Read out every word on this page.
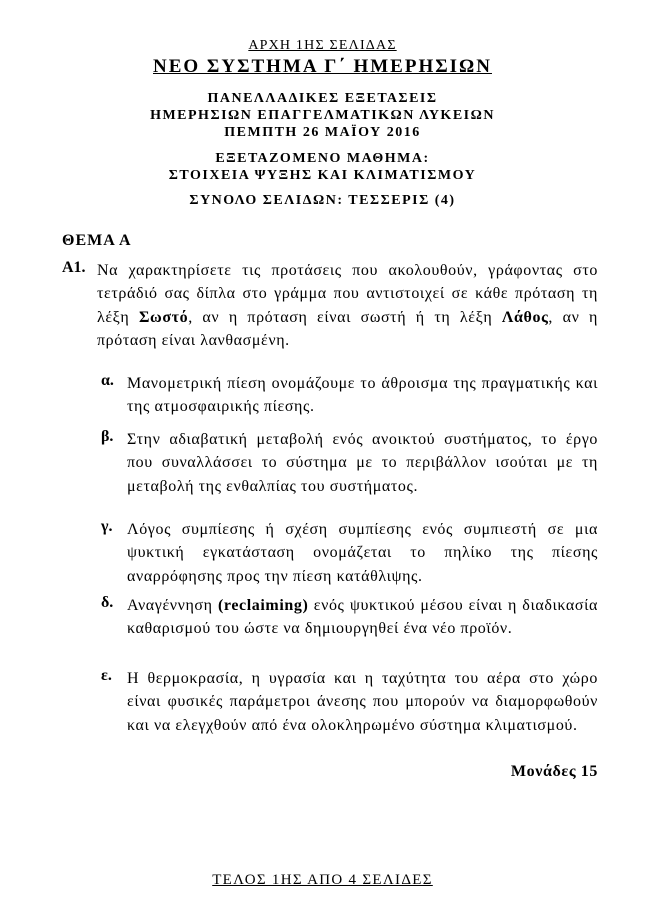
ΑΡΧΗ 1ΗΣ ΣΕΛΙΔΑΣ
ΝΕΟ ΣΥΣΤΗΜΑ Γ΄ ΗΜΕΡΗΣΙΩΝ
ΠΑΝΕΛΛΑΔΙΚΕΣ ΕΞΕΤΑΣΕΙΣ
ΗΜΕΡΗΣΙΩΝ ΕΠΑΓΓΕΛΜΑΤΙΚΩΝ ΛΥΚΕΙΩΝ
ΠΕΜΠΤΗ 26 ΜΑΪΟΥ 2016
ΕΞΕΤΑΖΟΜΕΝΟ ΜΑΘΗΜΑ:
ΣΤΟΙΧΕΙΑ ΨΥΞΗΣ ΚΑΙ ΚΛΙΜΑΤΙΣΜΟΥ
ΣΥΝΟΛΟ ΣΕΛΙΔΩΝ: ΤΕΣΣΕΡΙΣ (4)
ΘΕΜΑ Α
Α1. Να χαρακτηρίσετε τις προτάσεις που ακολουθούν, γράφοντας στο τετράδιό σας δίπλα στο γράμμα που αντιστοιχεί σε κάθε πρόταση τη λέξη Σωστό, αν η πρόταση είναι σωστή ή τη λέξη Λάθος, αν η πρόταση είναι λανθασμένη.
α. Μανομετρική πίεση ονομάζουμε το άθροισμα της πραγματικής και της ατμοσφαιρικής πίεσης.
β. Στην αδιαβατική μεταβολή ενός ανοικτού συστήματος, το έργο που συναλλάσσει το σύστημα με το περιβάλλον ισούται με τη μεταβολή της ενθαλπίας του συστήματος.
γ. Λόγος συμπίεσης ή σχέση συμπίεσης ενός συμπιεστή σε μια ψυκτική εγκατάσταση ονομάζεται το πηλίκο της πίεσης αναρρόφησης προς την πίεση κατάθλιψης.
δ. Αναγέννηση (reclaiming) ενός ψυκτικού μέσου είναι η διαδικασία καθαρισμού του ώστε να δημιουργηθεί ένα νέο προϊόν.
ε. Η θερμοκρασία, η υγρασία και η ταχύτητα του αέρα στο χώρο είναι φυσικές παράμετροι άνεσης που μπορούν να διαμορφωθούν και να ελεγχθούν από ένα ολοκληρωμένο σύστημα κλιματισμού.
Μονάδες 15
ΤΕΛΟΣ 1ΗΣ ΑΠΟ 4 ΣΕΛΙΔΕΣ
